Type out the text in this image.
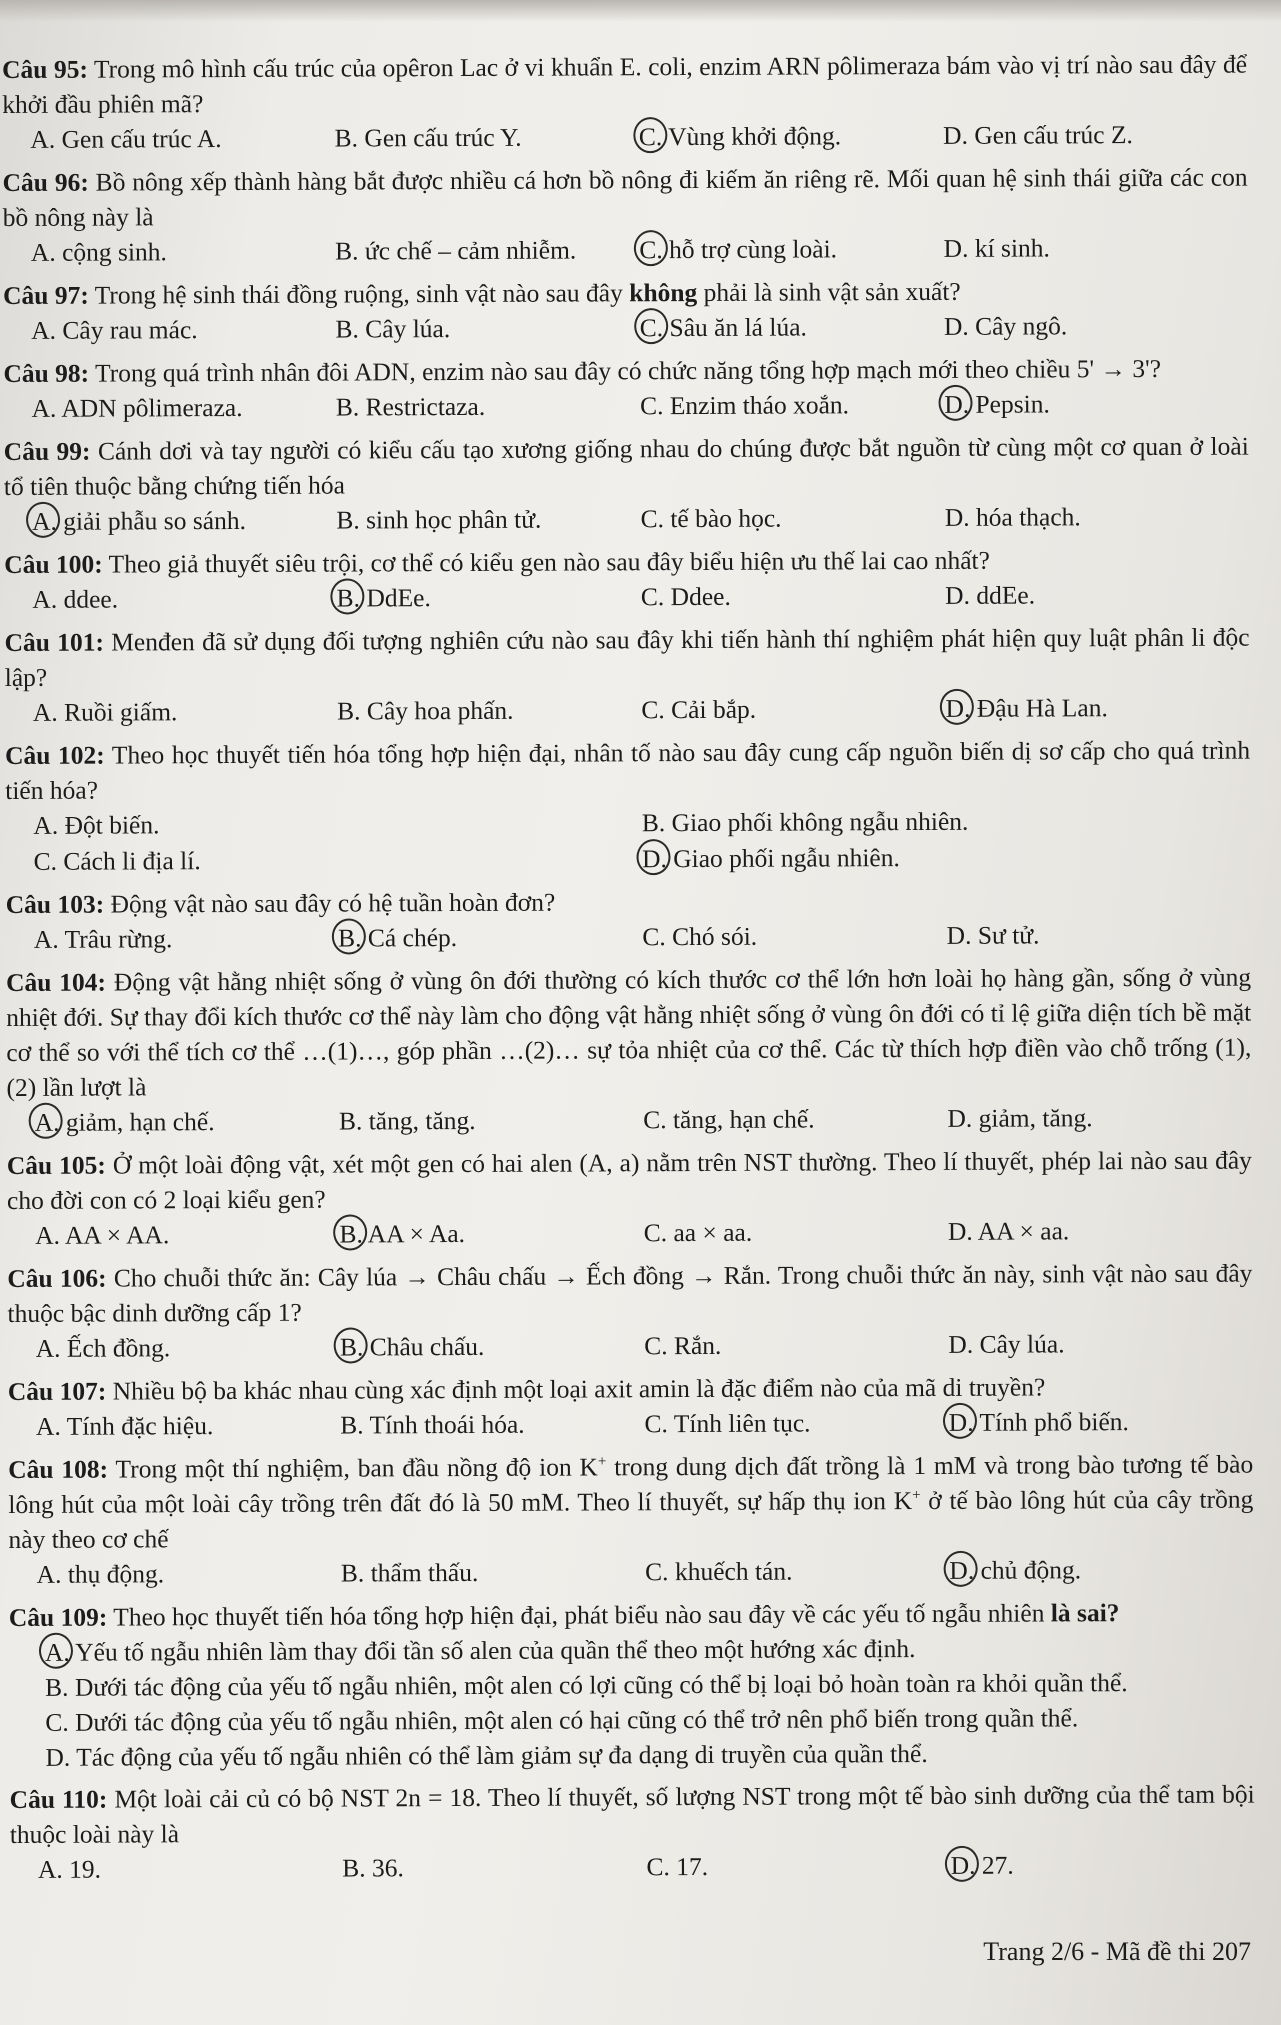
Câu 95: Trong mô hình cấu trúc của opêron Lac ở vi khuẩn E. coli, enzim ARN pôlimeraza bám vào vị trí nào sau đây để khởi đầu phiên mã?

A. Gen cấu trúc A.	B. Gen cấu trúc Y.	C. Vùng khởi động.	D. Gen cấu trúc Z.

Câu 96: Bồ nông xếp thành hàng bắt được nhiều cá hơn bồ nông đi kiếm ăn riêng rẽ. Mối quan hệ sinh thái giữa các con bồ nông này là

A. cộng sinh.	B. ức chế – cảm nhiễm.	C. hỗ trợ cùng loài.	D. kí sinh.

Câu 97: Trong hệ sinh thái đồng ruộng, sinh vật nào sau đây không phải là sinh vật sản xuất?

A. Cây rau mác.	B. Cây lúa.	C. Sâu ăn lá lúa.	D. Cây ngô.

Câu 98: Trong quá trình nhân đôi ADN, enzim nào sau đây có chức năng tổng hợp mạch mới theo chiều 5' → 3'?

A. ADN pôlimeraza.	B. Restrictaza.	C. Enzim tháo xoắn.	D. Pepsin.

Câu 99: Cánh dơi và tay người có kiểu cấu tạo xương giống nhau do chúng được bắt nguồn từ cùng một cơ quan ở loài tổ tiên thuộc bằng chứng tiến hóa

A. giải phẫu so sánh.	B. sinh học phân tử.	C. tế bào học.	D. hóa thạch.

Câu 100: Theo giả thuyết siêu trội, cơ thể có kiểu gen nào sau đây biểu hiện ưu thế lai cao nhất?

A. ddee.	B. DdEe.	C. Ddee.	D. ddEe.

Câu 101: Menđen đã sử dụng đối tượng nghiên cứu nào sau đây khi tiến hành thí nghiệm phát hiện quy luật phân li độc lập?

A. Ruồi giấm.	B. Cây hoa phấn.	C. Cải bắp.	D. Đậu Hà Lan.

Câu 102: Theo học thuyết tiến hóa tổng hợp hiện đại, nhân tố nào sau đây cung cấp nguồn biến dị sơ cấp cho quá trình tiến hóa?

A. Đột biến.	B. Giao phối không ngẫu nhiên.
C. Cách li địa lí.	D. Giao phối ngẫu nhiên.

Câu 103: Động vật nào sau đây có hệ tuần hoàn đơn?

A. Trâu rừng.	B. Cá chép.	C. Chó sói.	D. Sư tử.

Câu 104: Động vật hằng nhiệt sống ở vùng ôn đới thường có kích thước cơ thể lớn hơn loài họ hàng gần, sống ở vùng nhiệt đới. Sự thay đổi kích thước cơ thể này làm cho động vật hằng nhiệt sống ở vùng ôn đới có tỉ lệ giữa diện tích bề mặt cơ thể so với thể tích cơ thể …(1)…, góp phần …(2)… sự tỏa nhiệt của cơ thể. Các từ thích hợp điền vào chỗ trống (1), (2) lần lượt là

A. giảm, hạn chế.	B. tăng, tăng.	C. tăng, hạn chế.	D. giảm, tăng.

Câu 105: Ở một loài động vật, xét một gen có hai alen (A, a) nằm trên NST thường. Theo lí thuyết, phép lai nào sau đây cho đời con có 2 loại kiểu gen?

A. AA × AA.	B. AA × Aa.	C. aa × aa.	D. AA × aa.

Câu 106: Cho chuỗi thức ăn: Cây lúa → Châu chấu → Ếch đồng → Rắn. Trong chuỗi thức ăn này, sinh vật nào sau đây thuộc bậc dinh dưỡng cấp 1?

A. Ếch đồng.	B. Châu chấu.	C. Rắn.	D. Cây lúa.

Câu 107: Nhiều bộ ba khác nhau cùng xác định một loại axit amin là đặc điểm nào của mã di truyền?

A. Tính đặc hiệu.	B. Tính thoái hóa.	C. Tính liên tục.	D. Tính phổ biến.

Câu 108: Trong một thí nghiệm, ban đầu nồng độ ion K+ trong dung dịch đất trồng là 1 mM và trong bào tương tế bào lông hút của một loài cây trồng trên đất đó là 50 mM. Theo lí thuyết, sự hấp thụ ion K+ ở tế bào lông hút của cây trồng này theo cơ chế

A. thụ động.	B. thẩm thấu.	C. khuếch tán.	D. chủ động.

Câu 109: Theo học thuyết tiến hóa tổng hợp hiện đại, phát biểu nào sau đây về các yếu tố ngẫu nhiên là sai?

A. Yếu tố ngẫu nhiên làm thay đổi tần số alen của quần thể theo một hướng xác định.
B. Dưới tác động của yếu tố ngẫu nhiên, một alen có lợi cũng có thể bị loại bỏ hoàn toàn ra khỏi quần thể.
C. Dưới tác động của yếu tố ngẫu nhiên, một alen có hại cũng có thể trở nên phổ biến trong quần thể.
D. Tác động của yếu tố ngẫu nhiên có thể làm giảm sự đa dạng di truyền của quần thể.

Câu 110: Một loài cải củ có bộ NST 2n = 18. Theo lí thuyết, số lượng NST trong một tế bào sinh dưỡng của thể tam bội thuộc loài này là

A. 19.	B. 36.	C. 17.	D. 27.
Trang 2/6 - Mã đề thi 207
